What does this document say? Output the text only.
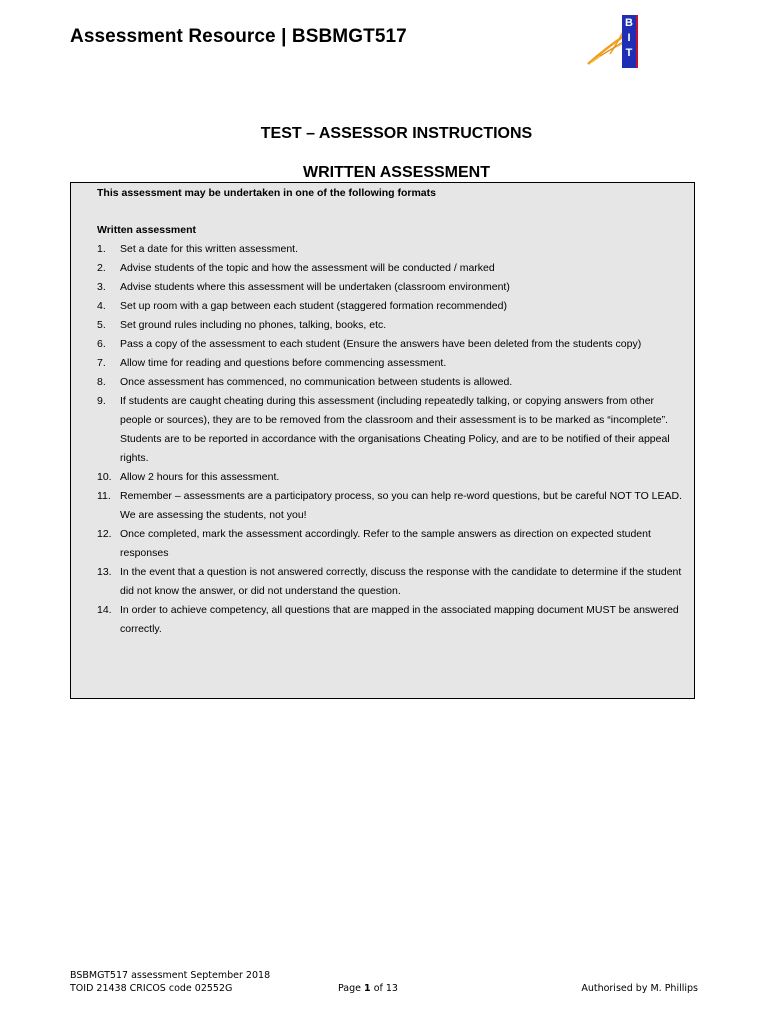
Assessment Resource | BSBMGT517
B
I
T
TEST – ASSESSOR INSTRUCTIONS
WRITTEN ASSESSMENT
This assessment may be undertaken in one of the following formats
Written assessment
1. Set a date for this written assessment.
2. Advise students of the topic and how the assessment will be conducted / marked
3. Advise students where this assessment will be undertaken (classroom environment)
4. Set up room with a gap between each student (staggered formation recommended)
5. Set ground rules including no phones, talking, books, etc.
6. Pass a copy of the assessment to each student (Ensure the answers have been deleted from the students copy)
7. Allow time for reading and questions before commencing assessment.
8. Once assessment has commenced, no communication between students is allowed.
9. If students are caught cheating during this assessment (including repeatedly talking, or copying answers from other people or sources), they are to be removed from the classroom and their assessment is to be marked as “incomplete”. Students are to be reported in accordance with the organisations Cheating Policy, and are to be notified of their appeal rights.
10. Allow 2 hours for this assessment.
11. Remember – assessments are a participatory process, so you can help re-word questions, but be careful NOT TO LEAD. We are assessing the students, not you!
12. Once completed, mark the assessment accordingly. Refer to the sample answers as direction on expected student responses
13. In the event that a question is not answered correctly, discuss the response with the candidate to determine if the student did not know the answer, or did not understand the question.
14. In order to achieve competency, all questions that are mapped in the associated mapping document MUST be answered correctly.
BSBMGT517 assessment September 2018
TOID 21438 CRICOS code 02552G	Page 1 of 13	Authorised by M. Phillips
